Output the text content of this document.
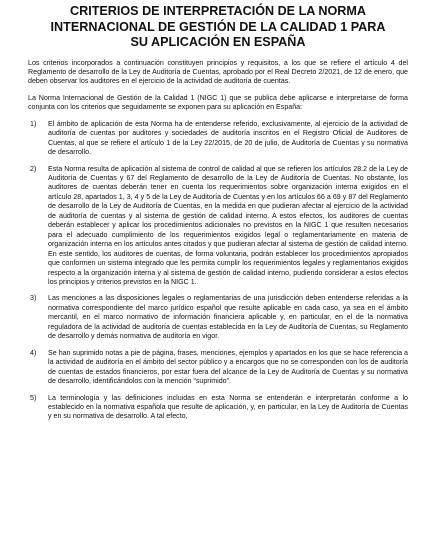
CRITERIOS DE INTERPRETACIÓN DE LA NORMA INTERNACIONAL DE GESTIÓN DE LA CALIDAD 1 PARA SU APLICACIÓN EN ESPAÑA

Los criterios incorporados a continuación constituyen principios y requisitos, a los que se refiere el artículo 4 del Reglamento de desarrollo de la Ley de Auditoría de Cuentas, aprobado por el Real Decreto 2/2021, de 12 de enero, que deben observar los auditores en el ejercicio de la actividad de auditoría de cuentas.

La Norma Internacional de Gestión de la Calidad 1 (NIGC 1) que se publica debe aplicarse e interpretarse de forma conjunta con los criterios que seguidamente se exponen para su aplicación en España:

1)	El ámbito de aplicación de esta Norma ha de entenderse referido, exclusivamente, al ejercicio de la actividad de auditoría de cuentas por auditores y sociedades de auditoría inscritos en el Registro Oficial de Auditores de Cuentas, al que se refiere el artículo 1 de la Ley 22/2015, de 20 de julio, de Auditoría de Cuentas y su normativa de desarrollo.
2)	Esta Norma resulta de aplicación al sistema de control de calidad al que se refieren los artículos 28.2 de la Ley de Auditoría de Cuentas y 67 del Reglamento de desarrollo de la Ley de Auditoría de Cuentas. No obstante, los auditores de cuentas deberán tener en cuenta los requerimientos sobre organización interna exigidos en el artículo 28, apartados 1, 3, 4 y 5 de la Ley de Auditoría de Cuentas y en los artículos 66 a 69 y 87 del Reglamento de desarrollo de la Ley de Auditoría de Cuentas, en la medida en que pudieran afectar al ejercicio de la actividad de auditoría de cuentas y al sistema de gestión de calidad interno. A estos efectos, los auditores de cuentas deberán establecer y aplicar los procedimientos adicionales no previstos en la NIGC 1 que resulten necesarios para el adecuado cumplimiento de los requerimientos exigidos legal o reglamentariamente en materia de organización interna en los artículos antes citados y que pudieran afectar al sistema de gestión de calidad interno. En este sentido, los auditores de cuentas, de forma voluntaria, podrán establecer los procedimientos apropiados que conformen un sistema integrado que les permita cumplir los requerimientos legales y reglamentarios exigidos respecto a la organización interna y al sistema de gestión de calidad interno, pudiendo considerar a estos efectos los principios y criterios previstos en la NIGC 1.
3)	Las menciones a las disposiciones legales o reglamentarias de una jurisdicción deben entenderse referidas a la normativa correspondiente del marco jurídico español que resulte aplicable en cada caso, ya sea en el ámbito mercantil, en el marco normativo de información financiera aplicable y, en particular, en el de la normativa reguladora de la actividad de auditoría de cuentas establecida en la Ley de Auditoría de Cuentas, su Reglamento de desarrollo y demás normativa de auditoría en vigor.
4)	Se han suprimido notas a pie de página, frases, menciones, ejemplos y apartados en los que se hace referencia a la actividad de auditoría en el ámbito del sector público y a encargos que no se corresponden con los de auditoría de cuentas de estados financieros, por estar fuera del alcance de la Ley de Auditoría de Cuentas y su normativa de desarrollo, identificándolos con la mención “suprimido”.
5)	La terminología y las definiciones incluidas en esta Norma se entenderán e interpretarán conforme a lo establecido en la normativa española que resulte de aplicación, y, en particular, en la Ley de Auditoría de Cuentas y en su normativa de desarrollo. A tal efecto,
